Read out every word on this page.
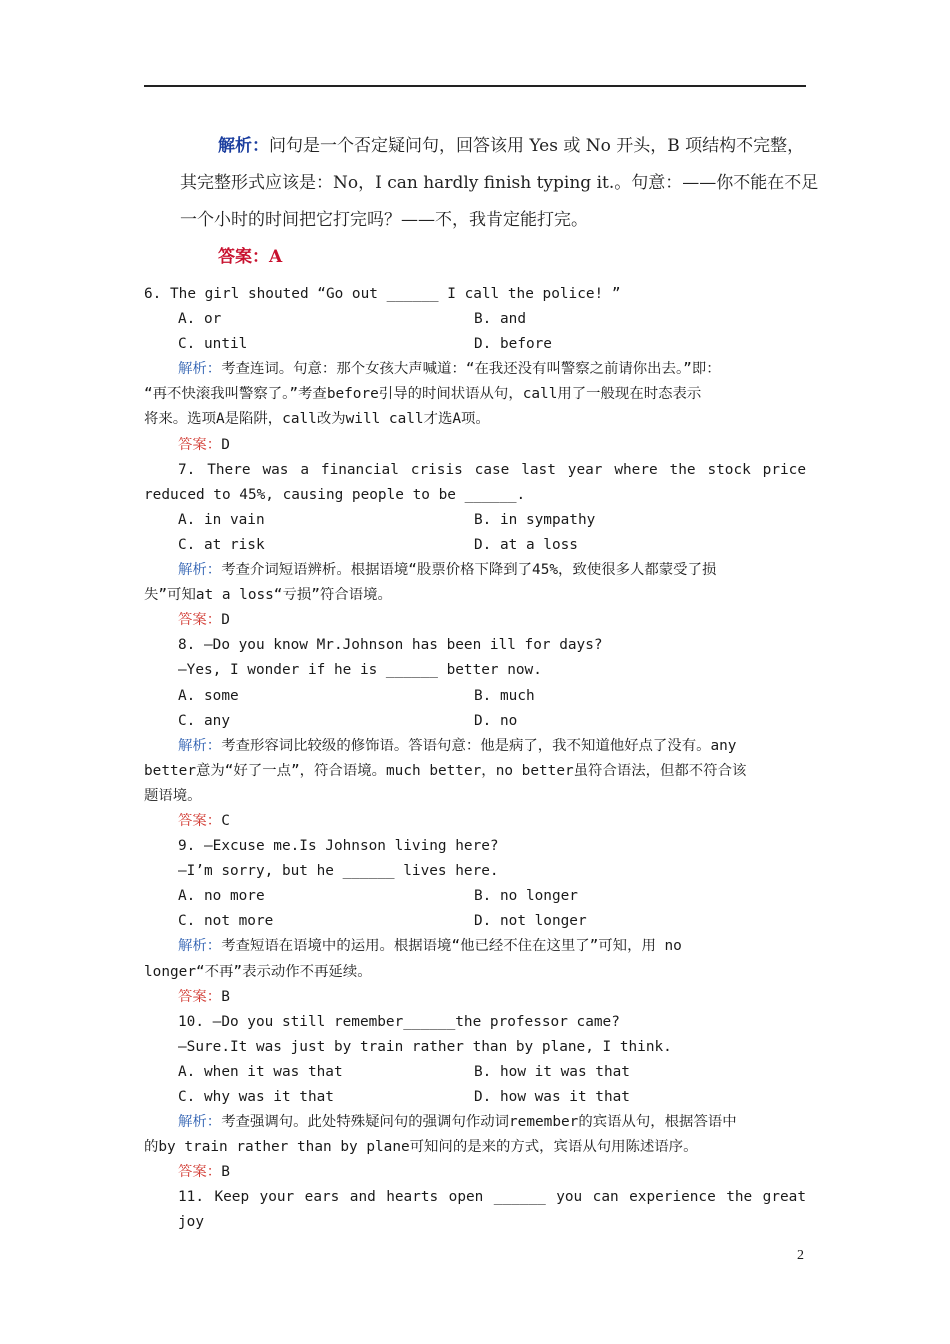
解析：问句是一个否定疑问句，回答该用 Yes 或 No 开头，B 项结构不完整，
其完整形式应该是：No，I can hardly finish typing it.。句意：——你不能在不足
一个小时的时间把它打完吗？——不，我肯定能打完。
答案：A
6. The girl shouted “Go out ______ I call the police! ”
A. or	B. and
C. until	D. before
解析：考查连词。句意：那个女孩大声喊道：“在我还没有叫警察之前请你出去。”即：
“再不快滚我叫警察了。”考查before引导的时间状语从句，call用了一般现在时态表示
将来。选项A是陷阱，call改为will call才选A项。
答案：D
7. There was a financial crisis case last year where the stock price
reduced to 45%, causing people to be ______.
A. in vain	B. in sympathy
C. at risk	D. at a loss
解析：考查介词短语辨析。根据语境“股票价格下降到了45%，致使很多人都蒙受了损
失”可知at a loss“亏损”符合语境。
答案：D
8. —Do you know Mr.Johnson has been ill for days?
—Yes, I wonder if he is ______ better now.
A. some	B. much
C. any	D. no
解析：考查形容词比较级的修饰语。答语句意：他是病了，我不知道他好点了没有。any
better意为“好了一点”，符合语境。much better，no better虽符合语法，但都不符合该
题语境。
答案：C
9. —Excuse me.Is Johnson living here?
—I’m sorry, but he ______ lives here.
A. no more	B. no longer
C. not more	D. not longer
解析：考查短语在语境中的运用。根据语境“他已经不住在这里了”可知，用 no
longer“不再”表示动作不再延续。
答案：B
10. —Do you still remember______the professor came?
—Sure.It was just by train rather than by plane, I think.
A. when it was that	B. how it was that
C. why was it that	D. how was it that
解析：考查强调句。此处特殊疑问句的强调句作动词remember的宾语从句，根据答语中
的by train rather than by plane可知问的是来的方式，宾语从句用陈述语序。
答案：B
11. Keep your ears and hearts open ______ you can experience the great joy
2
